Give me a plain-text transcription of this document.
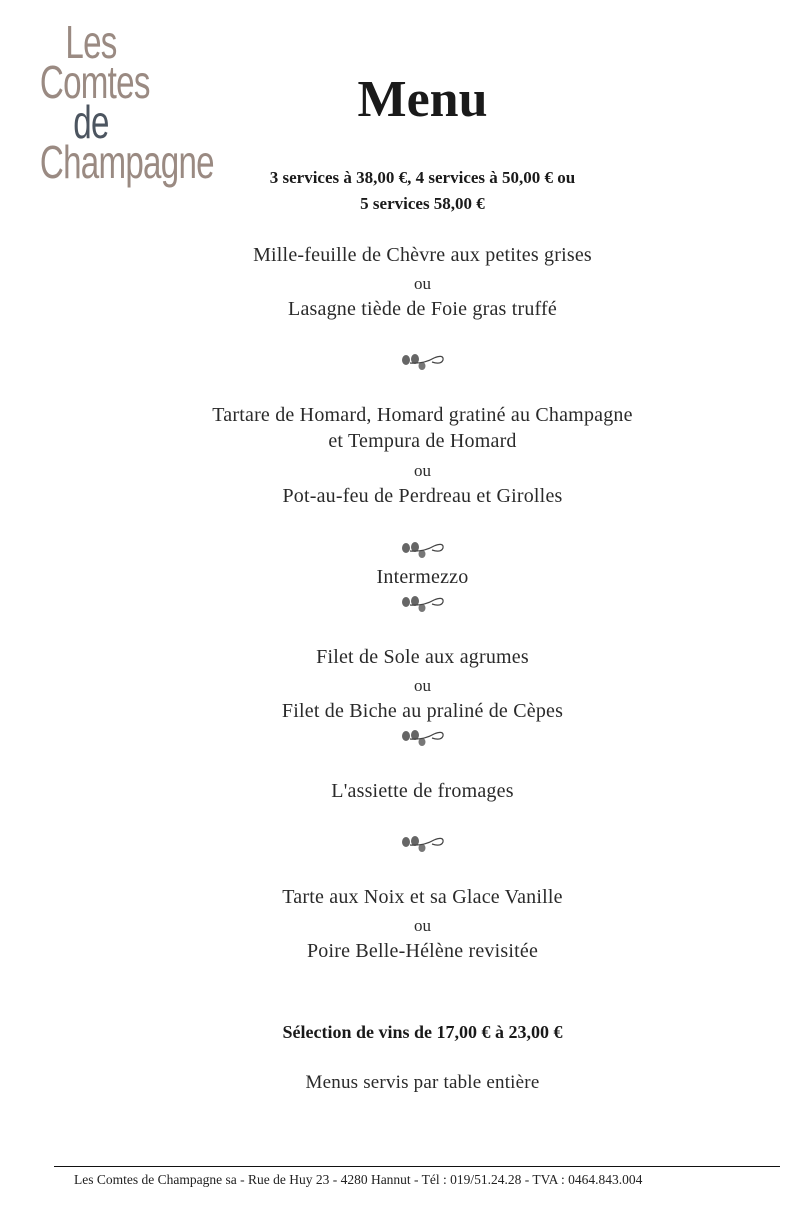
Les Comtes
de
Champagne
Menu
3 services à 38,00 €, 4 services à 50,00 € ou
5 services 58,00 €
Mille-feuille de Chèvre aux petites grises
ou
Lasagne tiède de Foie gras truffé
Tartare de Homard, Homard gratiné au Champagne
et Tempura de Homard
ou
Pot-au-feu de Perdreau et Girolles
Intermezzo
Filet de Sole aux agrumes
ou
Filet de Biche au praliné de Cèpes
L'assiette de fromages
Tarte aux Noix et sa Glace Vanille
ou
Poire Belle-Hélène revisitée
Sélection de vins de 17,00 € à 23,00 €
Menus servis par table entière
Les Comtes de Champagne sa - Rue de Huy 23 - 4280 Hannut - Tél : 019/51.24.28 - TVA : 0464.843.004
